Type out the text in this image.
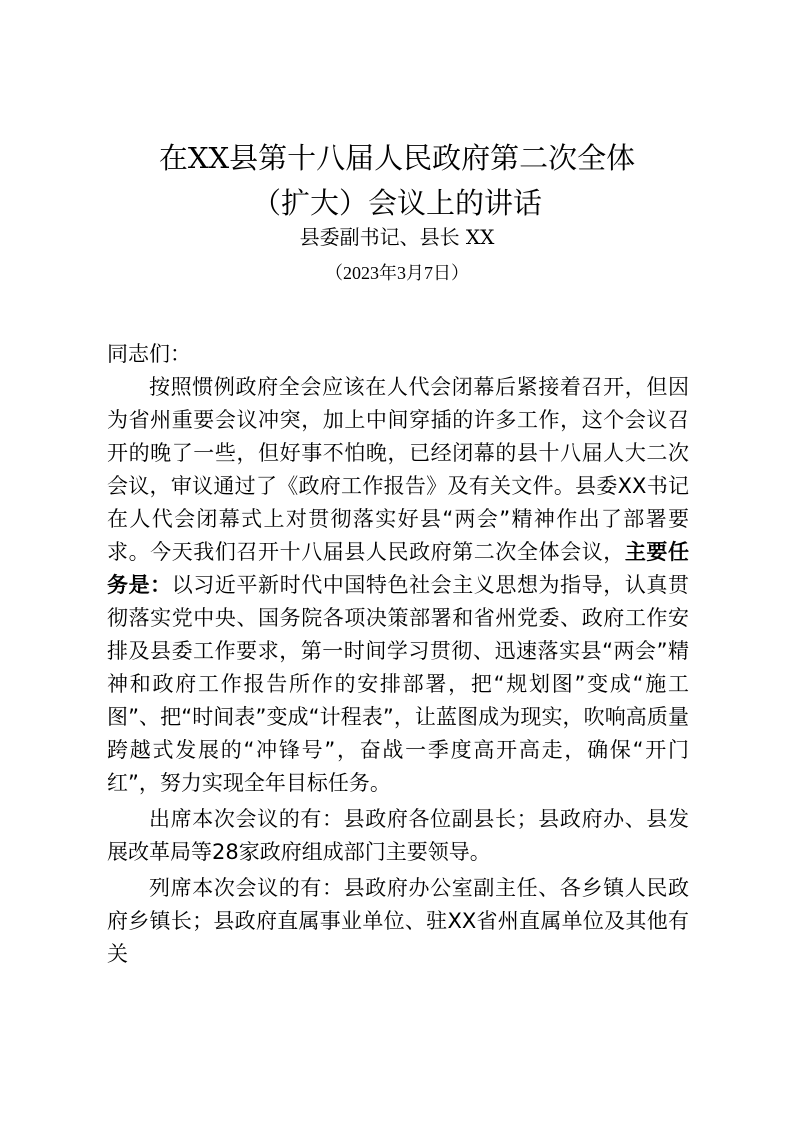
在XX县第十八届人民政府第二次全体
（扩大）会议上的讲话
县委副书记、县长 XX
（2023年3月7日）

同志们：

按照惯例政府全会应该在人代会闭幕后紧接着召开，但因为省州重要会议冲突，加上中间穿插的许多工作，这个会议召开的晚了一些，但好事不怕晚，已经闭幕的县十八届人大二次会议，审议通过了《政府工作报告》及有关文件。县委XX书记在人代会闭幕式上对贯彻落实好县“两会”精神作出了部署要求。今天我们召开十八届县人民政府第二次全体会议，主要任务是：以习近平新时代中国特色社会主义思想为指导，认真贯彻落实党中央、国务院各项决策部署和省州党委、政府工作安排及县委工作要求，第一时间学习贯彻、迅速落实县“两会”精神和政府工作报告所作的安排部署，把“规划图”变成“施工图”、把“时间表”变成“计程表”，让蓝图成为现实，吹响高质量跨越式发展的“冲锋号”，奋战一季度高开高走，确保“开门红”，努力实现全年目标任务。

出席本次会议的有：县政府各位副县长；县政府办、县发展改革局等28家政府组成部门主要领导。

列席本次会议的有：县政府办公室副主任、各乡镇人民政府乡镇长；县政府直属事业单位、驻XX省州直属单位及其他有关
